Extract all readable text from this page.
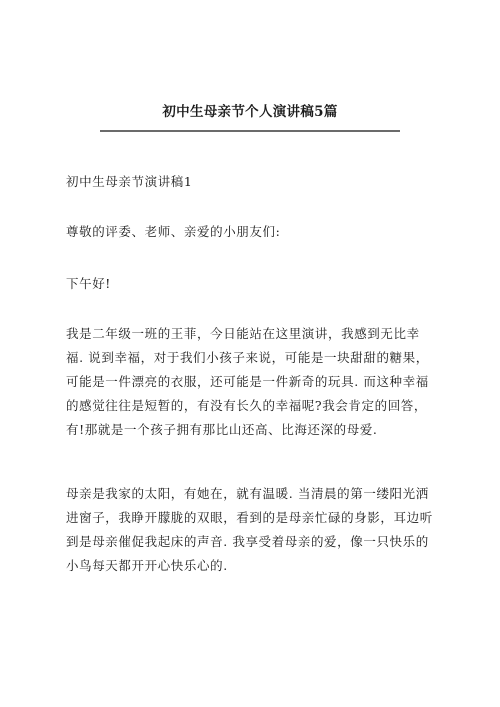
初中生母亲节个人演讲稿5篇
初中生母亲节演讲稿1
尊敬的评委、老师、亲爱的小朋友们:
下午好!
我是二年级一班的王菲，今日能站在这里演讲，我感到无比幸
福. 说到幸福，对于我们小孩子来说，可能是一块甜甜的糖果，
可能是一件漂亮的衣服，还可能是一件新奇的玩具. 而这种幸福
的感觉往往是短暂的，有没有长久的幸福呢?我会肯定的回答，
有!那就是一个孩子拥有那比山还高、比海还深的母爱.
母亲是我家的太阳，有她在，就有温暖. 当清晨的第一缕阳光洒
进窗子，我睁开朦胧的双眼，看到的是母亲忙碌的身影，耳边听
到是母亲催促我起床的声音. 我享受着母亲的爱，像一只快乐的
小鸟每天都开开心快乐心的.
